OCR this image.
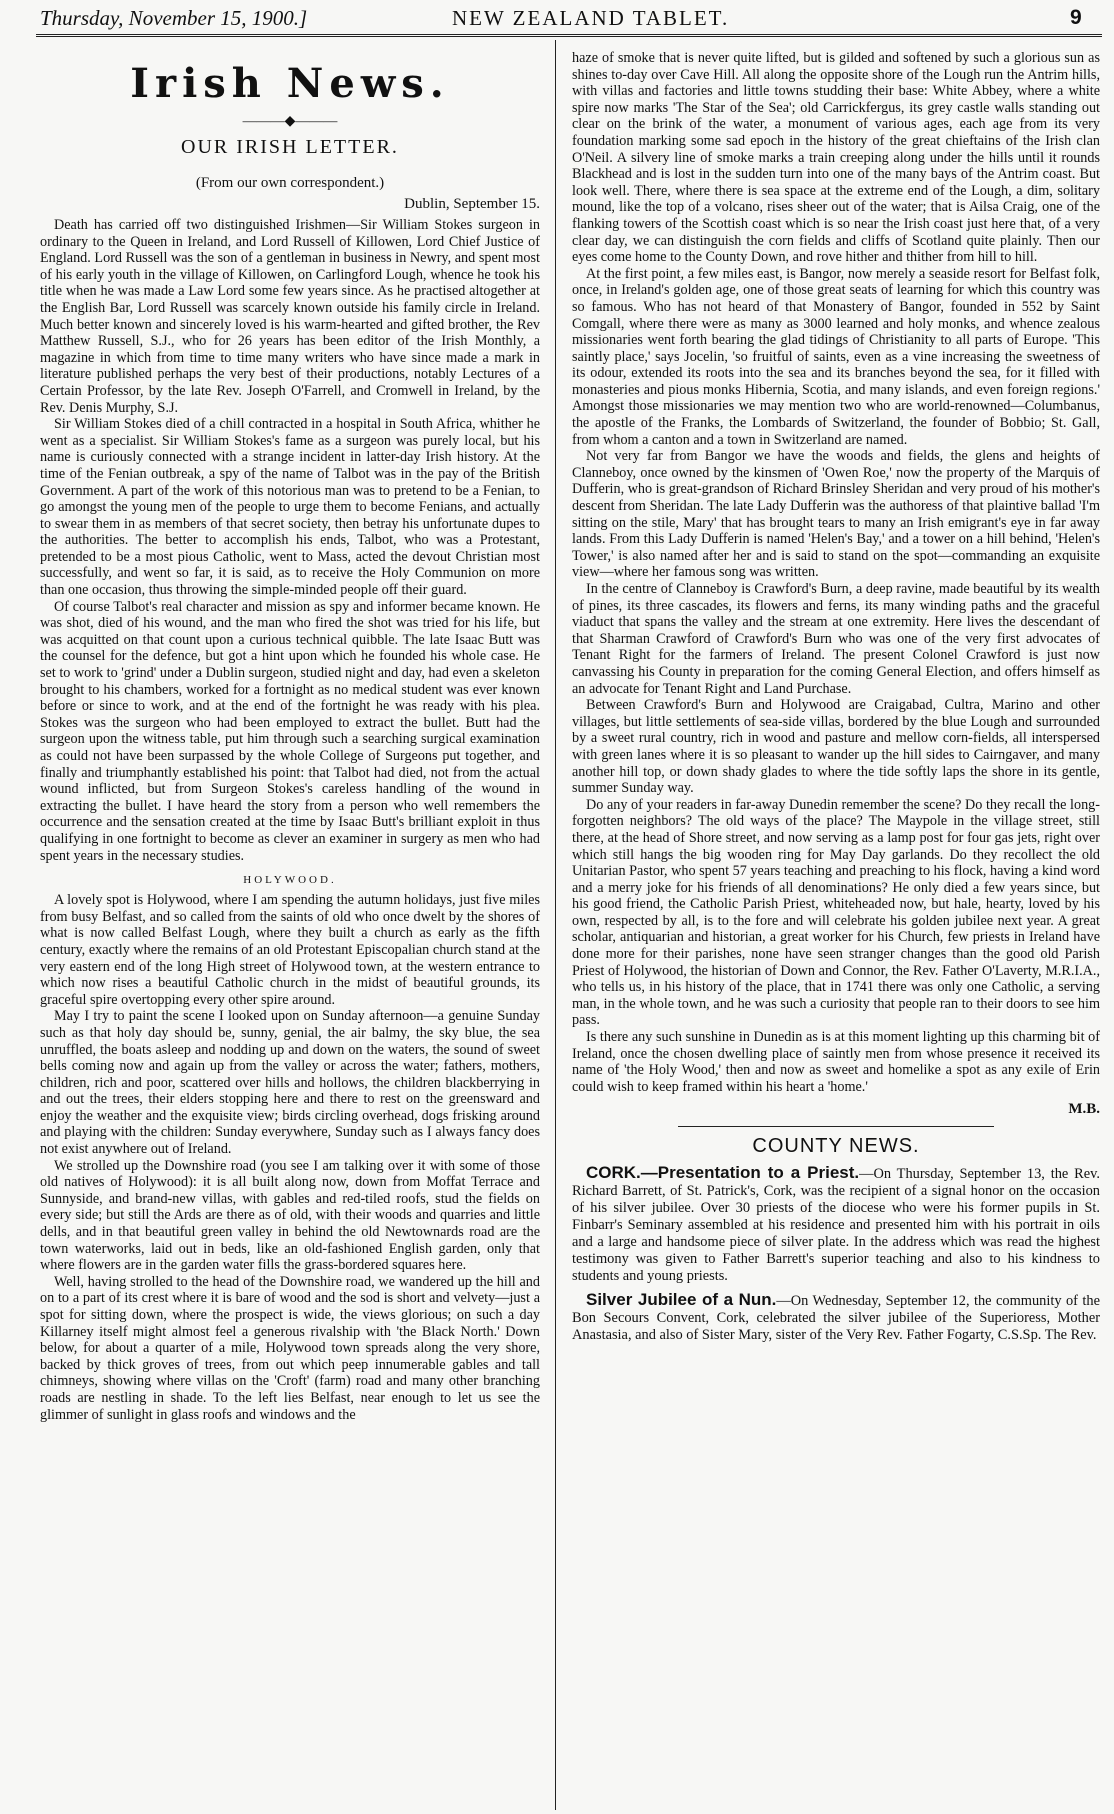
Thursday, November 15, 1900.]	NEW ZEALAND TABLET.	9
Irish News.
———◆———
OUR IRISH LETTER.
(From our own correspondent.)
Dublin, September 15.

Death has carried off two distinguished Irishmen—Sir William Stokes surgeon in ordinary to the Queen in Ireland, and Lord Russell of Killowen, Lord Chief Justice of England. Lord Russell was the son of a gentleman in business in Newry, and spent most of his early youth in the village of Killowen, on Carlingford Lough, whence he took his title when he was made a Law Lord some few years since. As he practised altogether at the English Bar, Lord Russell was scarcely known outside his family circle in Ireland. Much better known and sincerely loved is his warm-hearted and gifted brother, the Rev Matthew Russell, S.J., who for 26 years has been editor of the Irish Monthly, a magazine in which from time to time many writers who have since made a mark in literature published perhaps the very best of their productions, notably Lectures of a Certain Professor, by the late Rev. Joseph O'Farrell, and Cromwell in Ireland, by the Rev. Denis Murphy, S.J.

Sir William Stokes died of a chill contracted in a hospital in South Africa, whither he went as a specialist. Sir William Stokes's fame as a surgeon was purely local, but his name is curiously connected with a strange incident in latter-day Irish history. At the time of the Fenian outbreak, a spy of the name of Talbot was in the pay of the British Government. A part of the work of this notorious man was to pretend to be a Fenian, to go amongst the young men of the people to urge them to become Fenians, and actually to swear them in as members of that secret society, then betray his unfortunate dupes to the authorities. The better to accomplish his ends, Talbot, who was a Protestant, pretended to be a most pious Catholic, went to Mass, acted the devout Christian most successfully, and went so far, it is said, as to receive the Holy Communion on more than one occasion, thus throwing the simple-minded people off their guard.

Of course Talbot's real character and mission as spy and informer became known. He was shot, died of his wound, and the man who fired the shot was tried for his life, but was acquitted on that count upon a curious technical quibble. The late Isaac Butt was the counsel for the defence, but got a hint upon which he founded his whole case. He set to work to 'grind' under a Dublin surgeon, studied night and day, had even a skeleton brought to his chambers, worked for a fortnight as no medical student was ever known before or since to work, and at the end of the fortnight he was ready with his plea. Stokes was the surgeon who had been employed to extract the bullet. Butt had the surgeon upon the witness table, put him through such a searching surgical examination as could not have been surpassed by the whole College of Surgeons put together, and finally and triumphantly established his point: that Talbot had died, not from the actual wound inflicted, but from Surgeon Stokes's careless handling of the wound in extracting the bullet. I have heard the story from a person who well remembers the occurrence and the sensation created at the time by Isaac Butt's brilliant exploit in thus qualifying in one fortnight to become as clever an examiner in surgery as men who had spent years in the necessary studies.

HOLYWOOD.

A lovely spot is Holywood, where I am spending the autumn holidays, just five miles from busy Belfast, and so called from the saints of old who once dwelt by the shores of what is now called Belfast Lough, where they built a church as early as the fifth century, exactly where the remains of an old Protestant Episcopalian church stand at the very eastern end of the long High street of Holywood town, at the western entrance to which now rises a beautiful Catholic church in the midst of beautiful grounds, its graceful spire overtopping every other spire around.

May I try to paint the scene I looked upon on Sunday afternoon—a genuine Sunday such as that holy day should be, sunny, genial, the air balmy, the sky blue, the sea unruffled, the boats asleep and nodding up and down on the waters, the sound of sweet bells coming now and again up from the valley or across the water; fathers, mothers, children, rich and poor, scattered over hills and hollows, the children blackberrying in and out the trees, their elders stopping here and there to rest on the greensward and enjoy the weather and the exquisite view; birds circling overhead, dogs frisking around and playing with the children: Sunday everywhere, Sunday such as I always fancy does not exist anywhere out of Ireland.

We strolled up the Downshire road (you see I am talking over it with some of those old natives of Holywood): it is all built along now, down from Moffat Terrace and Sunnyside, and brand-new villas, with gables and red-tiled roofs, stud the fields on every side; but still the Ards are there as of old, with their woods and quarries and little dells, and in that beautiful green valley in behind the old Newtownards road are the town waterworks, laid out in beds, like an old-fashioned English garden, only that where flowers are in the garden water fills the grass-bordered squares here.

Well, having strolled to the head of the Downshire road, we wandered up the hill and on to a part of its crest where it is bare of wood and the sod is short and velvety—just a spot for sitting down, where the prospect is wide, the views glorious; on such a day Killarney itself might almost feel a generous rivalship with 'the Black North.' Down below, for about a quarter of a mile, Holywood town spreads along the very shore, backed by thick groves of trees, from out which peep innumerable gables and tall chimneys, showing where villas on the 'Croft' (farm) road and many other branching roads are nestling in shade. To the left lies Belfast, near enough to let us see the glimmer of sunlight in glass roofs and windows and the

haze of smoke that is never quite lifted, but is gilded and softened by such a glorious sun as shines to-day over Cave Hill. All along the opposite shore of the Lough run the Antrim hills, with villas and factories and little towns studding their base: White Abbey, where a white spire now marks 'The Star of the Sea'; old Carrickfergus, its grey castle walls standing out clear on the brink of the water, a monument of various ages, each age from its very foundation marking some sad epoch in the history of the great chieftains of the Irish clan O'Neil. A silvery line of smoke marks a train creeping along under the hills until it rounds Blackhead and is lost in the sudden turn into one of the many bays of the Antrim coast. But look well. There, where there is sea space at the extreme end of the Lough, a dim, solitary mound, like the top of a volcano, rises sheer out of the water; that is Ailsa Craig, one of the flanking towers of the Scottish coast which is so near the Irish coast just here that, of a very clear day, we can distinguish the corn fields and cliffs of Scotland quite plainly. Then our eyes come home to the County Down, and rove hither and thither from hill to hill.

At the first point, a few miles east, is Bangor, now merely a seaside resort for Belfast folk, once, in Ireland's golden age, one of those great seats of learning for which this country was so famous. Who has not heard of that Monastery of Bangor, founded in 552 by Saint Comgall, where there were as many as 3000 learned and holy monks, and whence zealous missionaries went forth bearing the glad tidings of Christianity to all parts of Europe. 'This saintly place,' says Jocelin, 'so fruitful of saints, even as a vine increasing the sweetness of its odour, extended its roots into the sea and its branches beyond the sea, for it filled with monasteries and pious monks Hibernia, Scotia, and many islands, and even foreign regions.' Amongst those missionaries we may mention two who are world-renowned—Columbanus, the apostle of the Franks, the Lombards of Switzerland, the founder of Bobbio; St. Gall, from whom a canton and a town in Switzerland are named.

Not very far from Bangor we have the woods and fields, the glens and heights of Clanneboy, once owned by the kinsmen of 'Owen Roe,' now the property of the Marquis of Dufferin, who is great-grandson of Richard Brinsley Sheridan and very proud of his mother's descent from Sheridan. The late Lady Dufferin was the authoress of that plaintive ballad 'I'm sitting on the stile, Mary' that has brought tears to many an Irish emigrant's eye in far away lands. From this Lady Dufferin is named 'Helen's Bay,' and a tower on a hill behind, 'Helen's Tower,' is also named after her and is said to stand on the spot—commanding an exquisite view—where her famous song was written.

In the centre of Clanneboy is Crawford's Burn, a deep ravine, made beautiful by its wealth of pines, its three cascades, its flowers and ferns, its many winding paths and the graceful viaduct that spans the valley and the stream at one extremity. Here lives the descendant of that Sharman Crawford of Crawford's Burn who was one of the very first advocates of Tenant Right for the farmers of Ireland. The present Colonel Crawford is just now canvassing his County in preparation for the coming General Election, and offers himself as an advocate for Tenant Right and Land Purchase.

Between Crawford's Burn and Holywood are Craigabad, Cultra, Marino and other villages, but little settlements of sea-side villas, bordered by the blue Lough and surrounded by a sweet rural country, rich in wood and pasture and mellow corn-fields, all interspersed with green lanes where it is so pleasant to wander up the hill sides to Cairngaver, and many another hill top, or down shady glades to where the tide softly laps the shore in its gentle, summer Sunday way.

Do any of your readers in far-away Dunedin remember the scene? Do they recall the long-forgotten neighbors? The old ways of the place? The Maypole in the village street, still there, at the head of Shore street, and now serving as a lamp post for four gas jets, right over which still hangs the big wooden ring for May Day garlands. Do they recollect the old Unitarian Pastor, who spent 57 years teaching and preaching to his flock, having a kind word and a merry joke for his friends of all denominations? He only died a few years since, but his good friend, the Catholic Parish Priest, whiteheaded now, but hale, hearty, loved by his own, respected by all, is to the fore and will celebrate his golden jubilee next year. A great scholar, antiquarian and historian, a great worker for his Church, few priests in Ireland have done more for their parishes, none have seen stranger changes than the good old Parish Priest of Holywood, the historian of Down and Connor, the Rev. Father O'Laverty, M.R.I.A., who tells us, in his history of the place, that in 1741 there was only one Catholic, a serving man, in the whole town, and he was such a curiosity that people ran to their doors to see him pass.

Is there any such sunshine in Dunedin as is at this moment lighting up this charming bit of Ireland, once the chosen dwelling place of saintly men from whose presence it received its name of 'the Holy Wood,' then and now as sweet and homelike a spot as any exile of Erin could wish to keep framed within his heart a 'home.'

M.B.
COUNTY NEWS.

CORK.—Presentation to a Priest.—On Thursday, September 13, the Rev. Richard Barrett, of St. Patrick's, Cork, was the recipient of a signal honor on the occasion of his silver jubilee. Over 30 priests of the diocese who were his former pupils in St. Finbarr's Seminary assembled at his residence and presented him with his portrait in oils and a large and handsome piece of silver plate. In the address which was read the highest testimony was given to Father Barrett's superior teaching and also to his kindness to students and young priests.

Silver Jubilee of a Nun.—On Wednesday, September 12, the community of the Bon Secours Convent, Cork, celebrated the silver jubilee of the Superioress, Mother Anastasia, and also of Sister Mary, sister of the Very Rev. Father Fogarty, C.S.Sp. The Rev.
